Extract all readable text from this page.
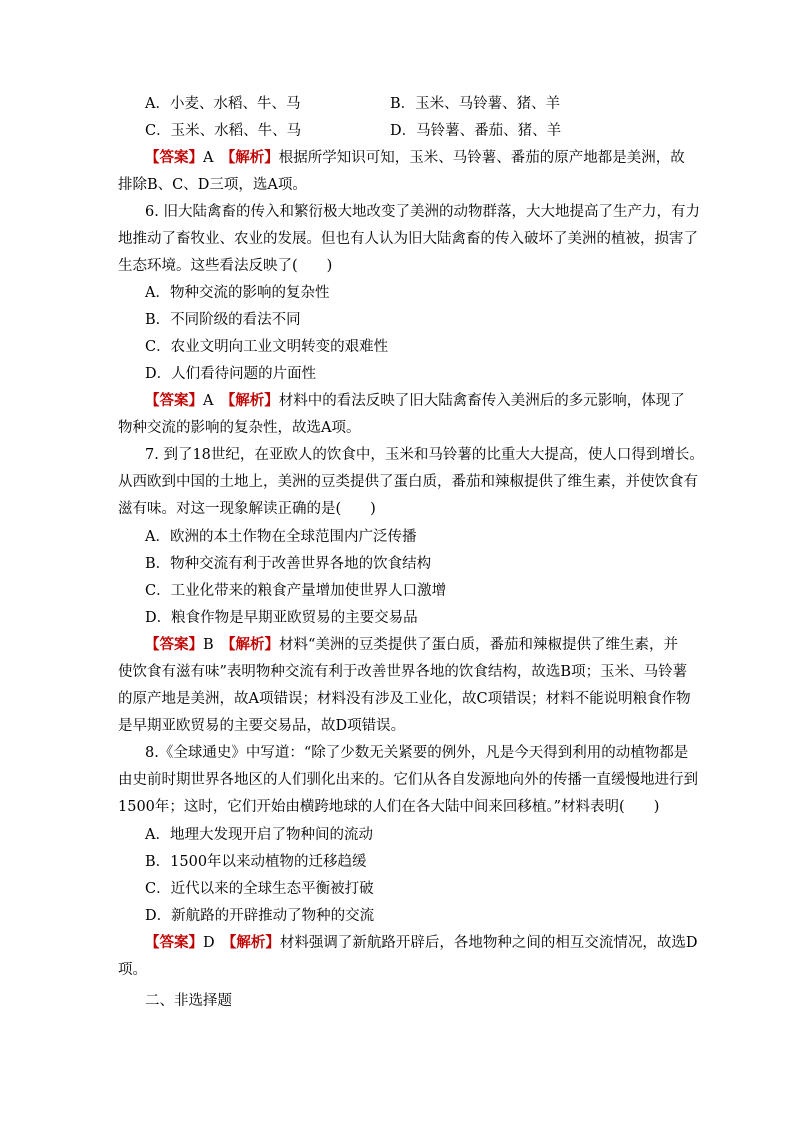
A．小麦、水稻、牛、马	B．玉米、马铃薯、猪、羊
C．玉米、水稻、牛、马	D．马铃薯、番茄、猪、羊
【答案】A　 【解析】根据所学知识可知，玉米、马铃薯、番茄的原产地都是美洲，故
排除B、C、D三项，选A项。
6. 旧大陆禽畜的传入和繁衍极大地改变了美洲的动物群落，大大地提高了生产力，有力
地推动了畜牧业、农业的发展。但也有人认为旧大陆禽畜的传入破坏了美洲的植被，损害了
生态环境。这些看法反映了(　　)
A．物种交流的影响的复杂性
B．不同阶级的看法不同
C．农业文明向工业文明转变的艰难性
D．人们看待问题的片面性
【答案】A　 【解析】材料中的看法反映了旧大陆禽畜传入美洲后的多元影响，体现了
物种交流的影响的复杂性，故选A项。
7. 到了18世纪，在亚欧人的饮食中，玉米和马铃薯的比重大大提高，使人口得到增长。
从西欧到中国的土地上，美洲的豆类提供了蛋白质，番茄和辣椒提供了维生素，并使饮食有
滋有味。对这一现象解读正确的是(　　)
A．欧洲的本土作物在全球范围内广泛传播
B．物种交流有利于改善世界各地的饮食结构
C．工业化带来的粮食产量增加使世界人口激增
D．粮食作物是早期亚欧贸易的主要交易品
【答案】B　 【解析】材料“美洲的豆类提供了蛋白质，番茄和辣椒提供了维生素，并
使饮食有滋有味”表明物种交流有利于改善世界各地的饮食结构，故选B项；玉米、马铃薯
的原产地是美洲，故A项错误；材料没有涉及工业化，故C项错误；材料不能说明粮食作物
是早期亚欧贸易的主要交易品，故D项错误。
8.《全球通史》中写道：“除了少数无关紧要的例外，凡是今天得到利用的动植物都是
由史前时期世界各地区的人们驯化出来的。它们从各自发源地向外的传播一直缓慢地进行到
1500年；这时，它们开始由横跨地球的人们在各大陆中间来回移植。”材料表明(　　)
A．地理大发现开启了物种间的流动
B．1500年以来动植物的迁移趋缓
C．近代以来的全球生态平衡被打破
D．新航路的开辟推动了物种的交流
【答案】D　 【解析】材料强调了新航路开辟后，各地物种之间的相互交流情况，故选D
项。
二、非选择题
